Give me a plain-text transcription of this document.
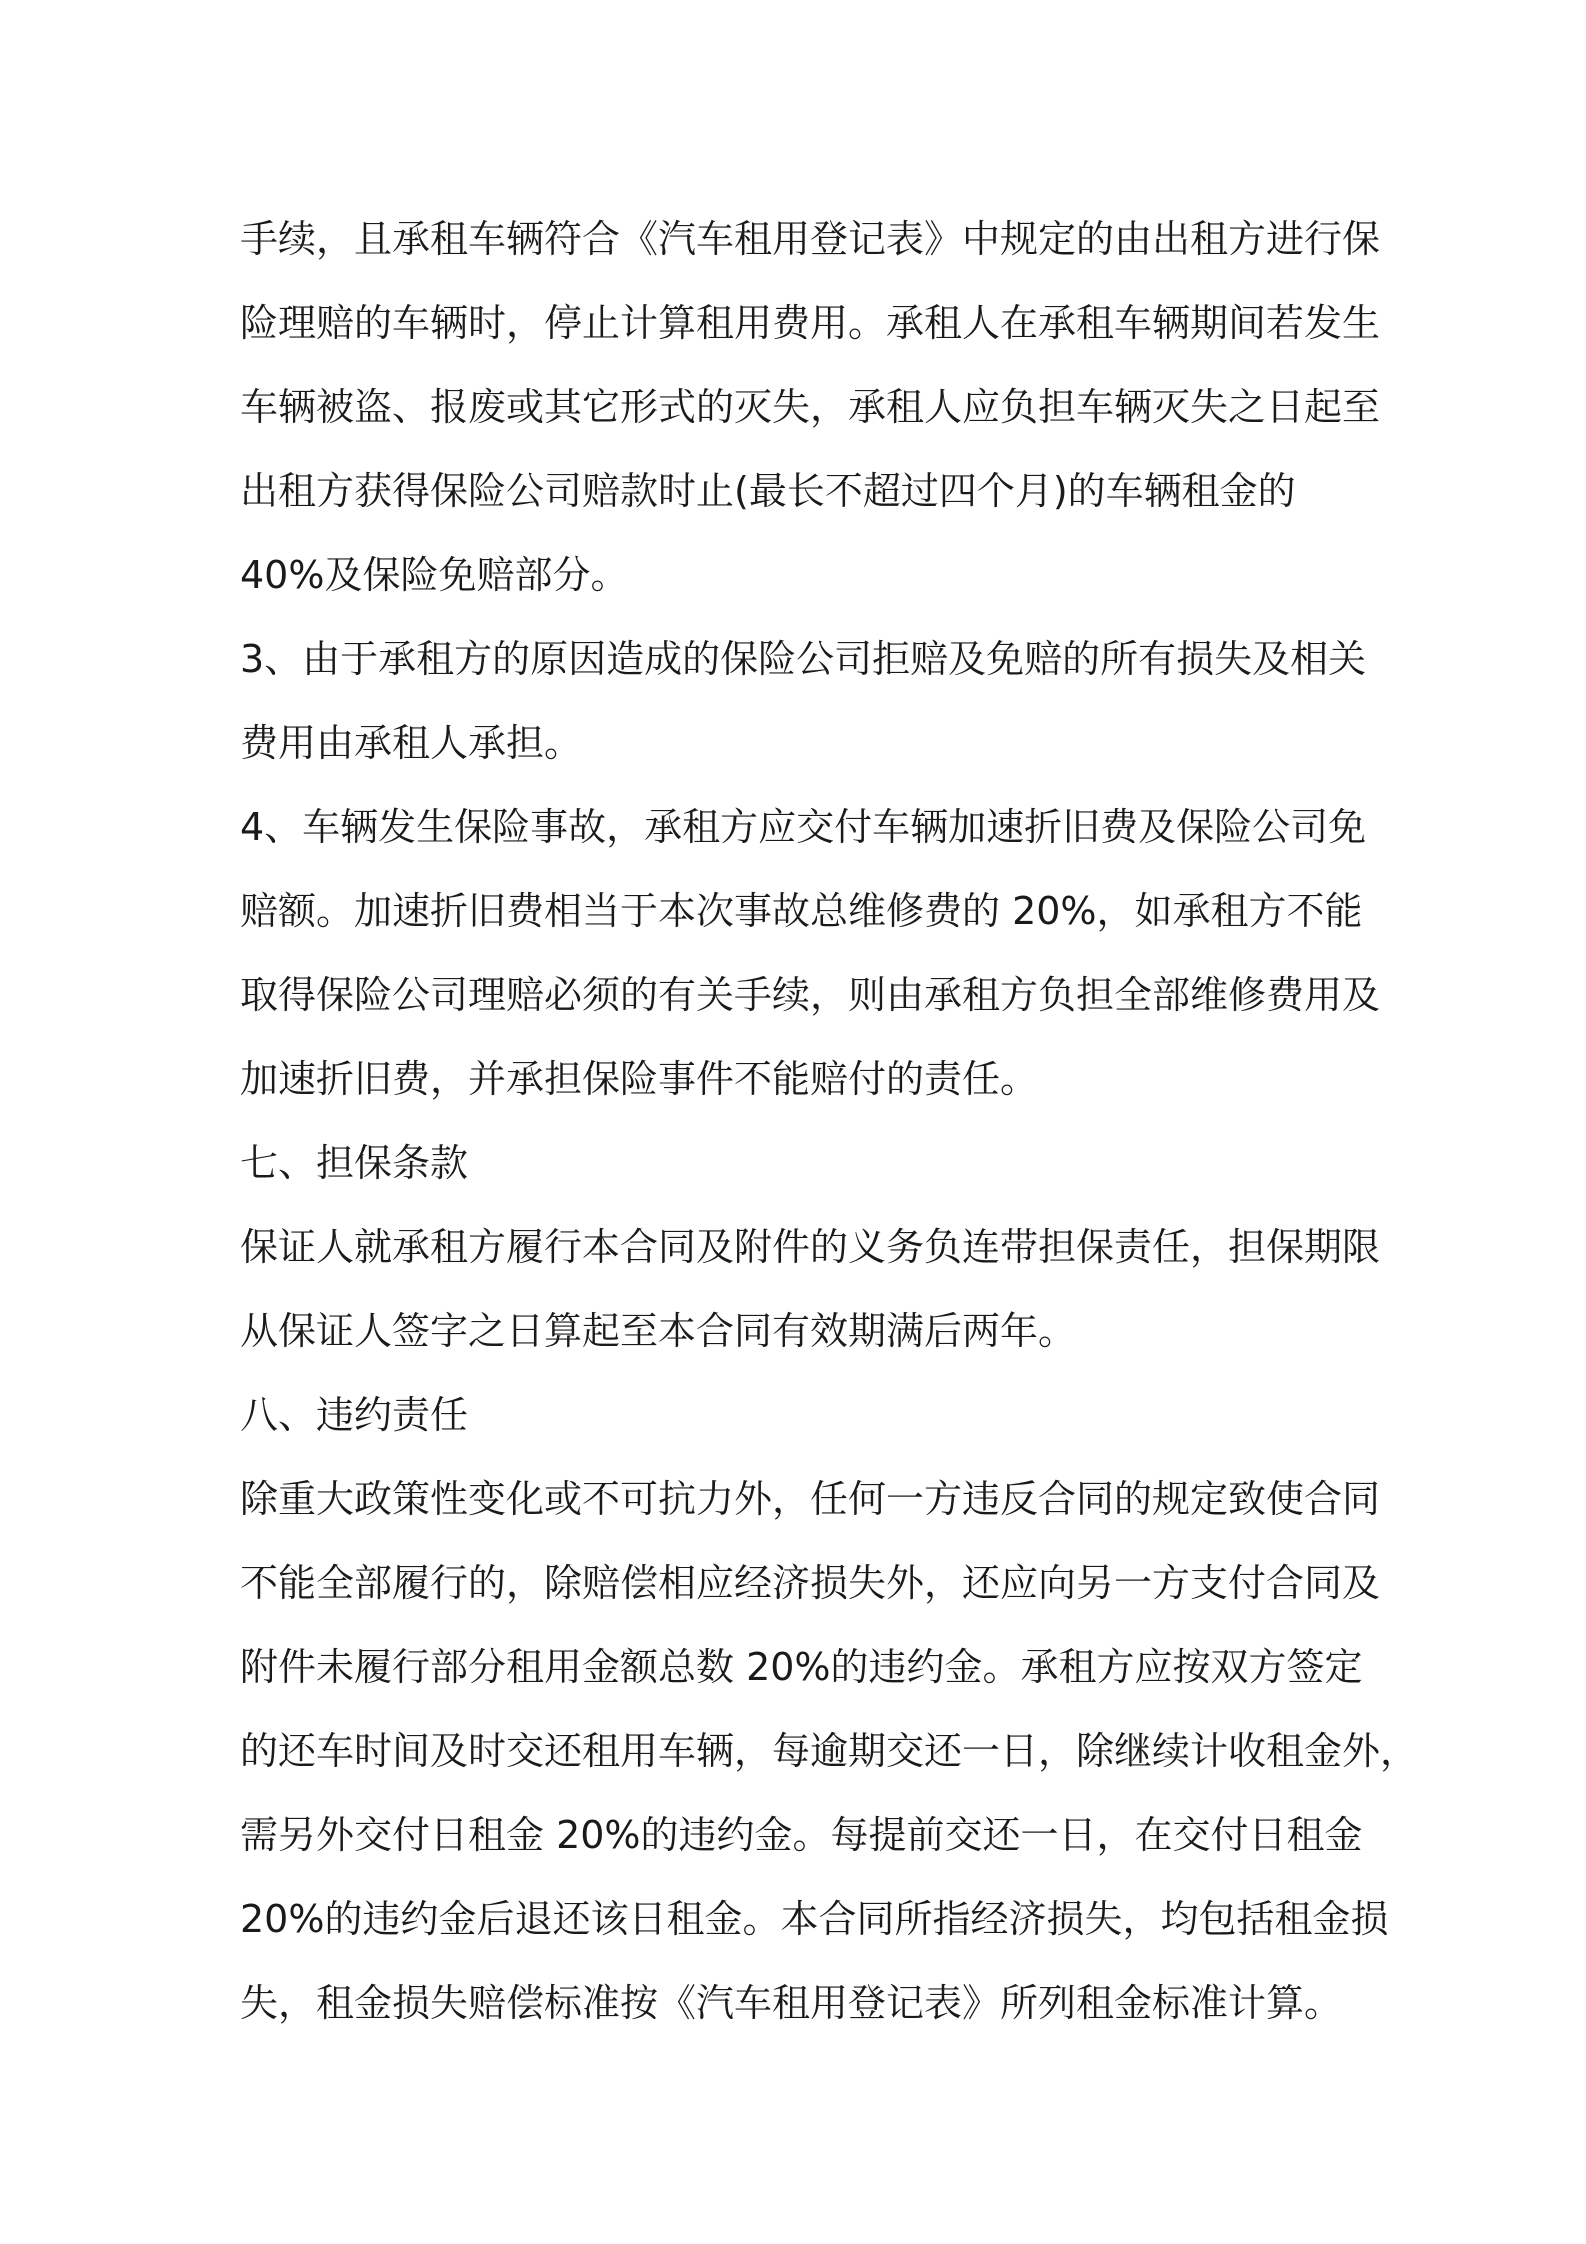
手续，且承租车辆符合《汽车租用登记表》中规定的由出租方进行保
险理赔的车辆时，停止计算租用费用。承租人在承租车辆期间若发生
车辆被盗、报废或其它形式的灭失，承租人应负担车辆灭失之日起至
出租方获得保险公司赔款时止(最长不超过四个月)的车辆租金的
40%及保险免赔部分。
3、由于承租方的原因造成的保险公司拒赔及免赔的所有损失及相关
费用由承租人承担。
4、车辆发生保险事故，承租方应交付车辆加速折旧费及保险公司免
赔额。加速折旧费相当于本次事故总维修费的 20%，如承租方不能
取得保险公司理赔必须的有关手续，则由承租方负担全部维修费用及
加速折旧费，并承担保险事件不能赔付的责任。
七、担保条款
保证人就承租方履行本合同及附件的义务负连带担保责任，担保期限
从保证人签字之日算起至本合同有效期满后两年。
八、违约责任
除重大政策性变化或不可抗力外，任何一方违反合同的规定致使合同
不能全部履行的，除赔偿相应经济损失外，还应向另一方支付合同及
附件未履行部分租用金额总数 20%的违约金。承租方应按双方签定
的还车时间及时交还租用车辆，每逾期交还一日，除继续计收租金外，
需另外交付日租金 20%的违约金。每提前交还一日，在交付日租金
20%的违约金后退还该日租金。本合同所指经济损失，均包括租金损
失，租金损失赔偿标准按《汽车租用登记表》所列租金标准计算。
